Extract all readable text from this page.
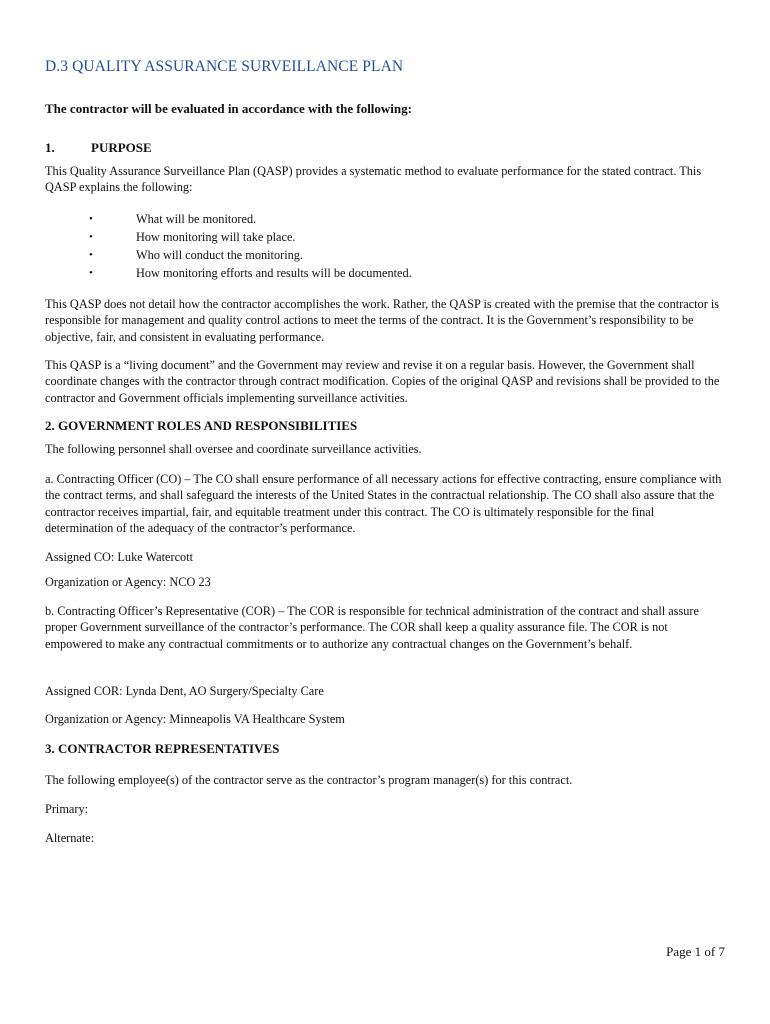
D.3 QUALITY ASSURANCE SURVEILLANCE PLAN
The contractor will be evaluated in accordance with the following:
1.	PURPOSE

This Quality Assurance Surveillance Plan (QASP) provides a systematic method to evaluate performance for the stated contract. This QASP explains the following:

•	What will be monitored.
•	How monitoring will take place.
•	Who will conduct the monitoring.
•	How monitoring efforts and results will be documented.

This QASP does not detail how the contractor accomplishes the work. Rather, the QASP is created with the premise that the contractor is responsible for management and quality control actions to meet the terms of the contract. It is the Government’s responsibility to be objective, fair, and consistent in evaluating performance.

This QASP is a “living document” and the Government may review and revise it on a regular basis. However, the Government shall coordinate changes with the contractor through contract modification. Copies of the original QASP and revisions shall be provided to the contractor and Government officials implementing surveillance activities.

2. GOVERNMENT ROLES AND RESPONSIBILITIES
The following personnel shall oversee and coordinate surveillance activities.

a. Contracting Officer (CO) – The CO shall ensure performance of all necessary actions for effective contracting, ensure compliance with the contract terms, and shall safeguard the interests of the United States in the contractual relationship. The CO shall also assure that the contractor receives impartial, fair, and equitable treatment under this contract. The CO is ultimately responsible for the final determination of the adequacy of the contractor’s performance.

Assigned CO: Luke Watercott
Organization or Agency: NCO 23

b. Contracting Officer’s Representative (COR) – The COR is responsible for technical administration of the contract and shall assure proper Government surveillance of the contractor’s performance. The COR shall keep a quality assurance file. The COR is not empowered to make any contractual commitments or to authorize any contractual changes on the Government’s behalf.

Assigned COR: Lynda Dent, AO Surgery/Specialty Care
Organization or Agency: Minneapolis VA Healthcare System
3. CONTRACTOR REPRESENTATIVES
The following employee(s) of the contractor serve as the contractor’s program manager(s) for this contract.
Primary:
Alternate:
Page 1 of 7
